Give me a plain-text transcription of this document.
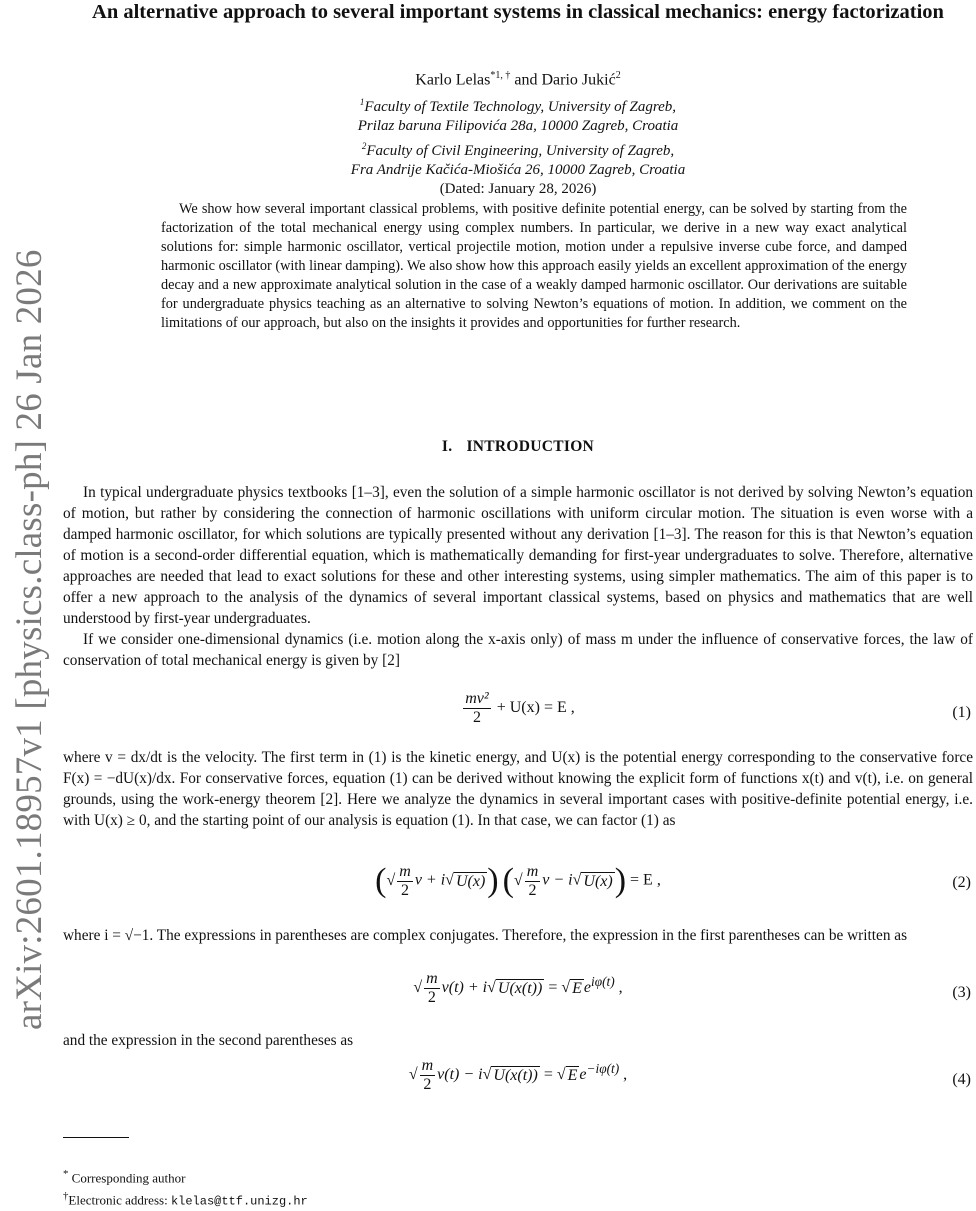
arXiv:2601.18957v1 [physics.class-ph] 26 Jan 2026
An alternative approach to several important systems in classical mechanics: energy factorization
Karlo Lelas$^{*1, \dagger}$ and Dario Jukić$^2$
$^1$Faculty of Textile Technology, University of Zagreb,
Prilaz baruna Filipovića 28a, 10000 Zagreb, Croatia
$^2$Faculty of Civil Engineering, University of Zagreb,
Fra Andrije Kačića-Miošića 26, 10000 Zagreb, Croatia
(Dated: January 28, 2026)
We show how several important classical problems, with positive definite potential energy, can be solved by starting from the factorization of the total mechanical energy using complex numbers. In particular, we derive in a new way exact analytical solutions for: simple harmonic oscillator, vertical projectile motion, motion under a repulsive inverse cube force, and damped harmonic oscillator (with linear damping). We also show how this approach easily yields an excellent approximation of the energy decay and a new approximate analytical solution in the case of a weakly damped harmonic oscillator. Our derivations are suitable for undergraduate physics teaching as an alternative to solving Newton’s equations of motion. In addition, we comment on the limitations of our approach, but also on the insights it provides and opportunities for further research.
I. INTRODUCTION
In typical undergraduate physics textbooks [1–3], even the solution of a simple harmonic oscillator is not derived by solving Newton’s equation of motion, but rather by considering the connection of harmonic oscillations with uniform circular motion. The situation is even worse with a damped harmonic oscillator, for which solutions are typically presented without any derivation [1–3]. The reason for this is that Newton’s equation of motion is a second-order differential equation, which is mathematically demanding for first-year undergraduates to solve. Therefore, alternative approaches are needed that lead to exact solutions for these and other interesting systems, using simpler mathematics. The aim of this paper is to offer a new approach to the analysis of the dynamics of several important classical systems, based on physics and mathematics that are well understood by first-year undergraduates.
If we consider one-dimensional dynamics (i.e. motion along the x-axis only) of mass m under the influence of conservative forces, the law of conservation of total mechanical energy is given by [2]
$\frac{\text{mv²}}{2} + U(x) = E$ ,	(1)
where v = dx/dt is the velocity. The first term in (1) is the kinetic energy, and U(x) is the potential energy corresponding to the conservative force F(x) = −dU(x)/dx. For conservative forces, equation (1) can be derived without knowing the explicit form of functions x(t) and v(t), i.e. on general grounds, using the work-energy theorem [2]. Here we analyze the dynamics in several important cases with positive-definite potential energy, i.e. with U(x) ≥ 0, and the starting point of our analysis is equation (1). In that case, we can factor (1) as
(√ $\frac{m}{2}$ v + i√ U(x)) (√ $\frac{m}{2}$ v − i√ U(x)) = E ,	(2)
where i = √−1. The expressions in parentheses are complex conjugates. Therefore, the expression in the first parentheses can be written as
√ $\frac{m}{2} v(t) + i√$ U(x(t)) = √ E $e^{i\varphi(t)}$ ,	(3)
and the expression in the second parentheses as
√ $\frac{m}{2} v(t) - i√$ U(x(t)) = √ E $e^{-i\varphi(t)}$ ,	(4)
* Corresponding author
†Electronic address: klelas@ttf.unizg.hr
